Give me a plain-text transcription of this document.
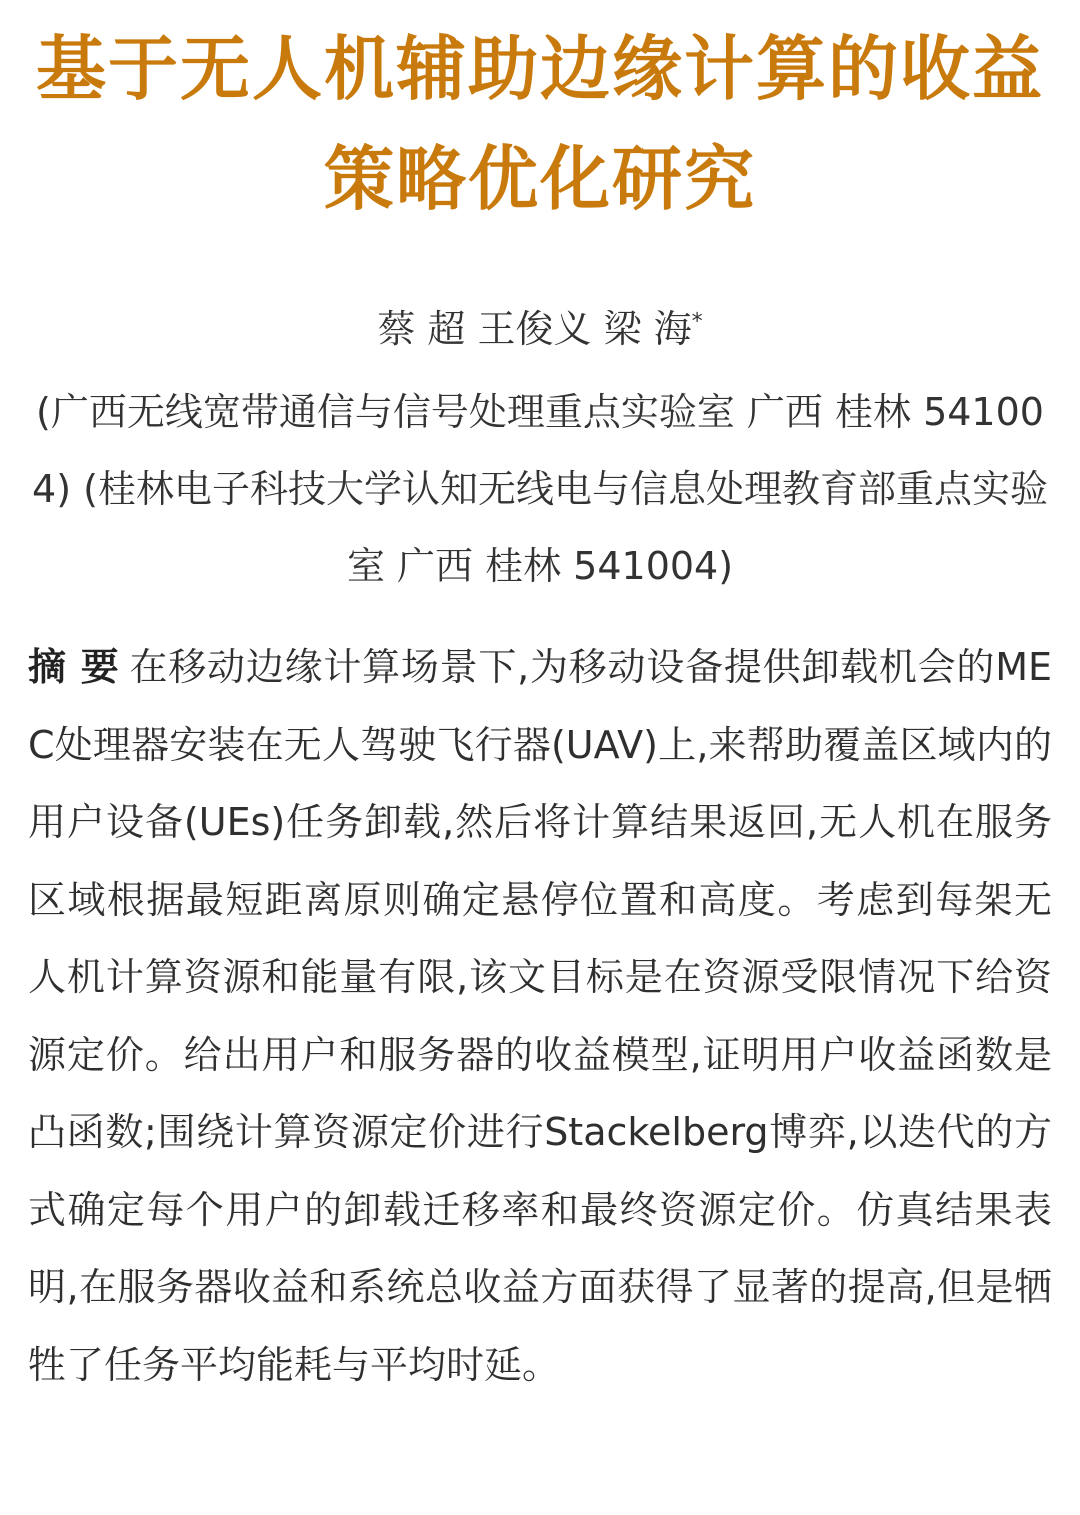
基于无人机辅助边缘计算的收益策略优化研究
蔡 超 王俊义 梁 海*
(广西无线宽带通信与信号处理重点实验室 广西 桂林 541004) (桂林电子科技大学认知无线电与信息处理教育部重点实验室 广西 桂林 541004)
摘 要 在移动边缘计算场景下,为移动设备提供卸载机会的MEC处理器安装在无人驾驶飞行器(UAV)上,来帮助覆盖区域内的用户设备(UEs)任务卸载,然后将计算结果返回,无人机在服务区域根据最短距离原则确定悬停位置和高度。考虑到每架无人机计算资源和能量有限,该文目标是在资源受限情况下给资源定价。给出用户和服务器的收益模型,证明用户收益函数是凸函数;围绕计算资源定价进行Stackelberg博弈,以迭代的方式确定每个用户的卸载迁移率和最终资源定价。仿真结果表明,在服务器收益和系统总收益方面获得了显著的提高,但是牺牲了任务平均能耗与平均时延。
